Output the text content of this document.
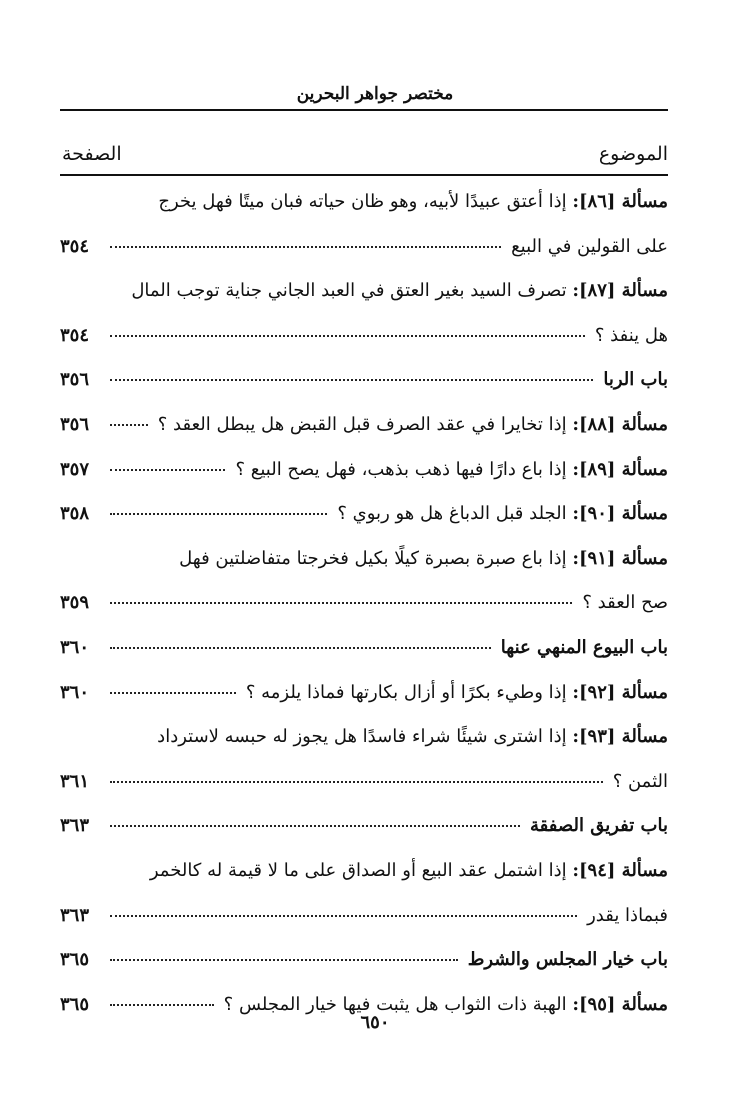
مختصر جواهر البحرين
الموضوع
الصفحة
مسألة [٨٦]: إذا أعتق عبيدًا لأبيه، وهو ظان حياته فبان ميتًا فهل يخرج
على القولين في البيع
٣٥٤
مسألة [٨٧]: تصرف السيد بغير العتق في العبد الجاني جناية توجب المال
هل ينفذ ؟
٣٥٤
باب الربا
٣٥٦
مسألة [٨٨]: إذا تخايرا في عقد الصرف قبل القبض هل يبطل العقد ؟
٣٥٦
مسألة [٨٩]: إذا باع دارًا فيها ذهب بذهب، فهل يصح البيع ؟
٣٥٧
مسألة [٩٠]: الجلد قبل الدباغ هل هو ربوي ؟
٣٥٨
مسألة [٩١]: إذا باع صبرة بصبرة كيلًا بكيل فخرجتا متفاضلتين فهل
صح العقد ؟
٣٥٩
باب البيوع المنهي عنها
٣٦٠
مسألة [٩٢]: إذا وطيء بكرًا أو أزال بكارتها فماذا يلزمه ؟
٣٦٠
مسألة [٩٣]: إذا اشترى شيئًا شراء فاسدًا هل يجوز له حبسه لاسترداد
الثمن ؟
٣٦١
باب تفريق الصفقة
٣٦٣
مسألة [٩٤]: إذا اشتمل عقد البيع أو الصداق على ما لا قيمة له كالخمر
فبماذا يقدر
٣٦٣
باب خيار المجلس والشرط
٣٦٥
مسألة [٩٥]: الهبة ذات الثواب هل يثبت فيها خيار المجلس ؟
٣٦٥
٦٥٠
